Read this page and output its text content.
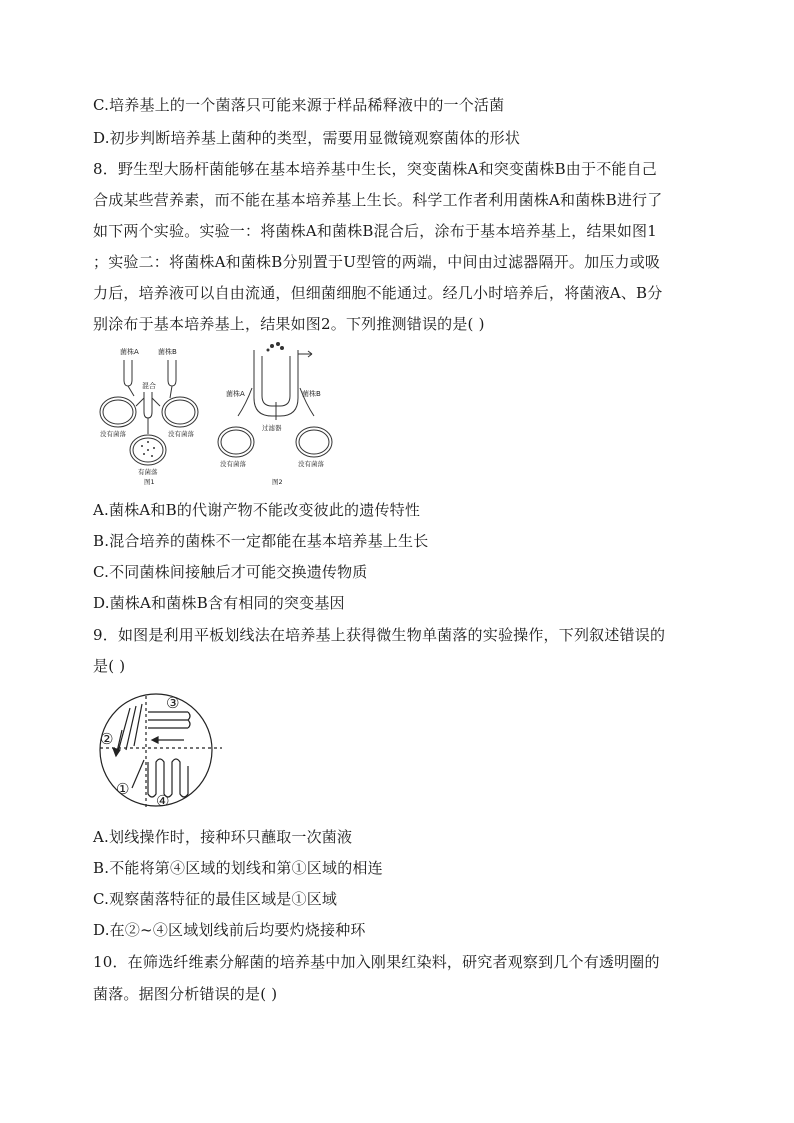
C.培养基上的一个菌落只可能来源于样品稀释液中的一个活菌
D.初步判断培养基上菌种的类型，需要用显微镜观察菌体的形状
8．野生型大肠杆菌能够在基本培养基中生长，突变菌株A和突变菌株B由于不能自己
合成某些营养素，而不能在基本培养基上生长。科学工作者利用菌株A和菌株B进行了
如下两个实验。实验一：将菌株A和菌株B混合后，涂布于基本培养基上，结果如图1
；实验二：将菌株A和菌株B分别置于U型管的两端，中间由过滤器隔开。加压力或吸
力后，培养液可以自由流通，但细菌细胞不能通过。经几小时培养后，将菌液A、B分
别涂布于基本培养基上，结果如图2。下列推测错误的是( )
菌株A	菌株B
混合
没有菌落	没有菌落
有菌落
图1
菌株A	菌株B
过滤器
没有菌落	没有菌落
图2
A.菌株A和B的代谢产物不能改变彼此的遗传特性
B.混合培养的菌株不一定都能在基本培养基上生长
C.不同菌株间接触后才可能交换遗传物质
D.菌株A和菌株B含有相同的突变基因
9．如图是利用平板划线法在培养基上获得微生物单菌落的实验操作，下列叙述错误的
是( )
②
③
①
④
A.划线操作时，接种环只蘸取一次菌液
B.不能将第④区域的划线和第①区域的相连
C.观察菌落特征的最佳区域是①区域
D.在②~④区域划线前后均要灼烧接种环
10．在筛选纤维素分解菌的培养基中加入刚果红染料，研究者观察到几个有透明圈的
菌落。据图分析错误的是( )
